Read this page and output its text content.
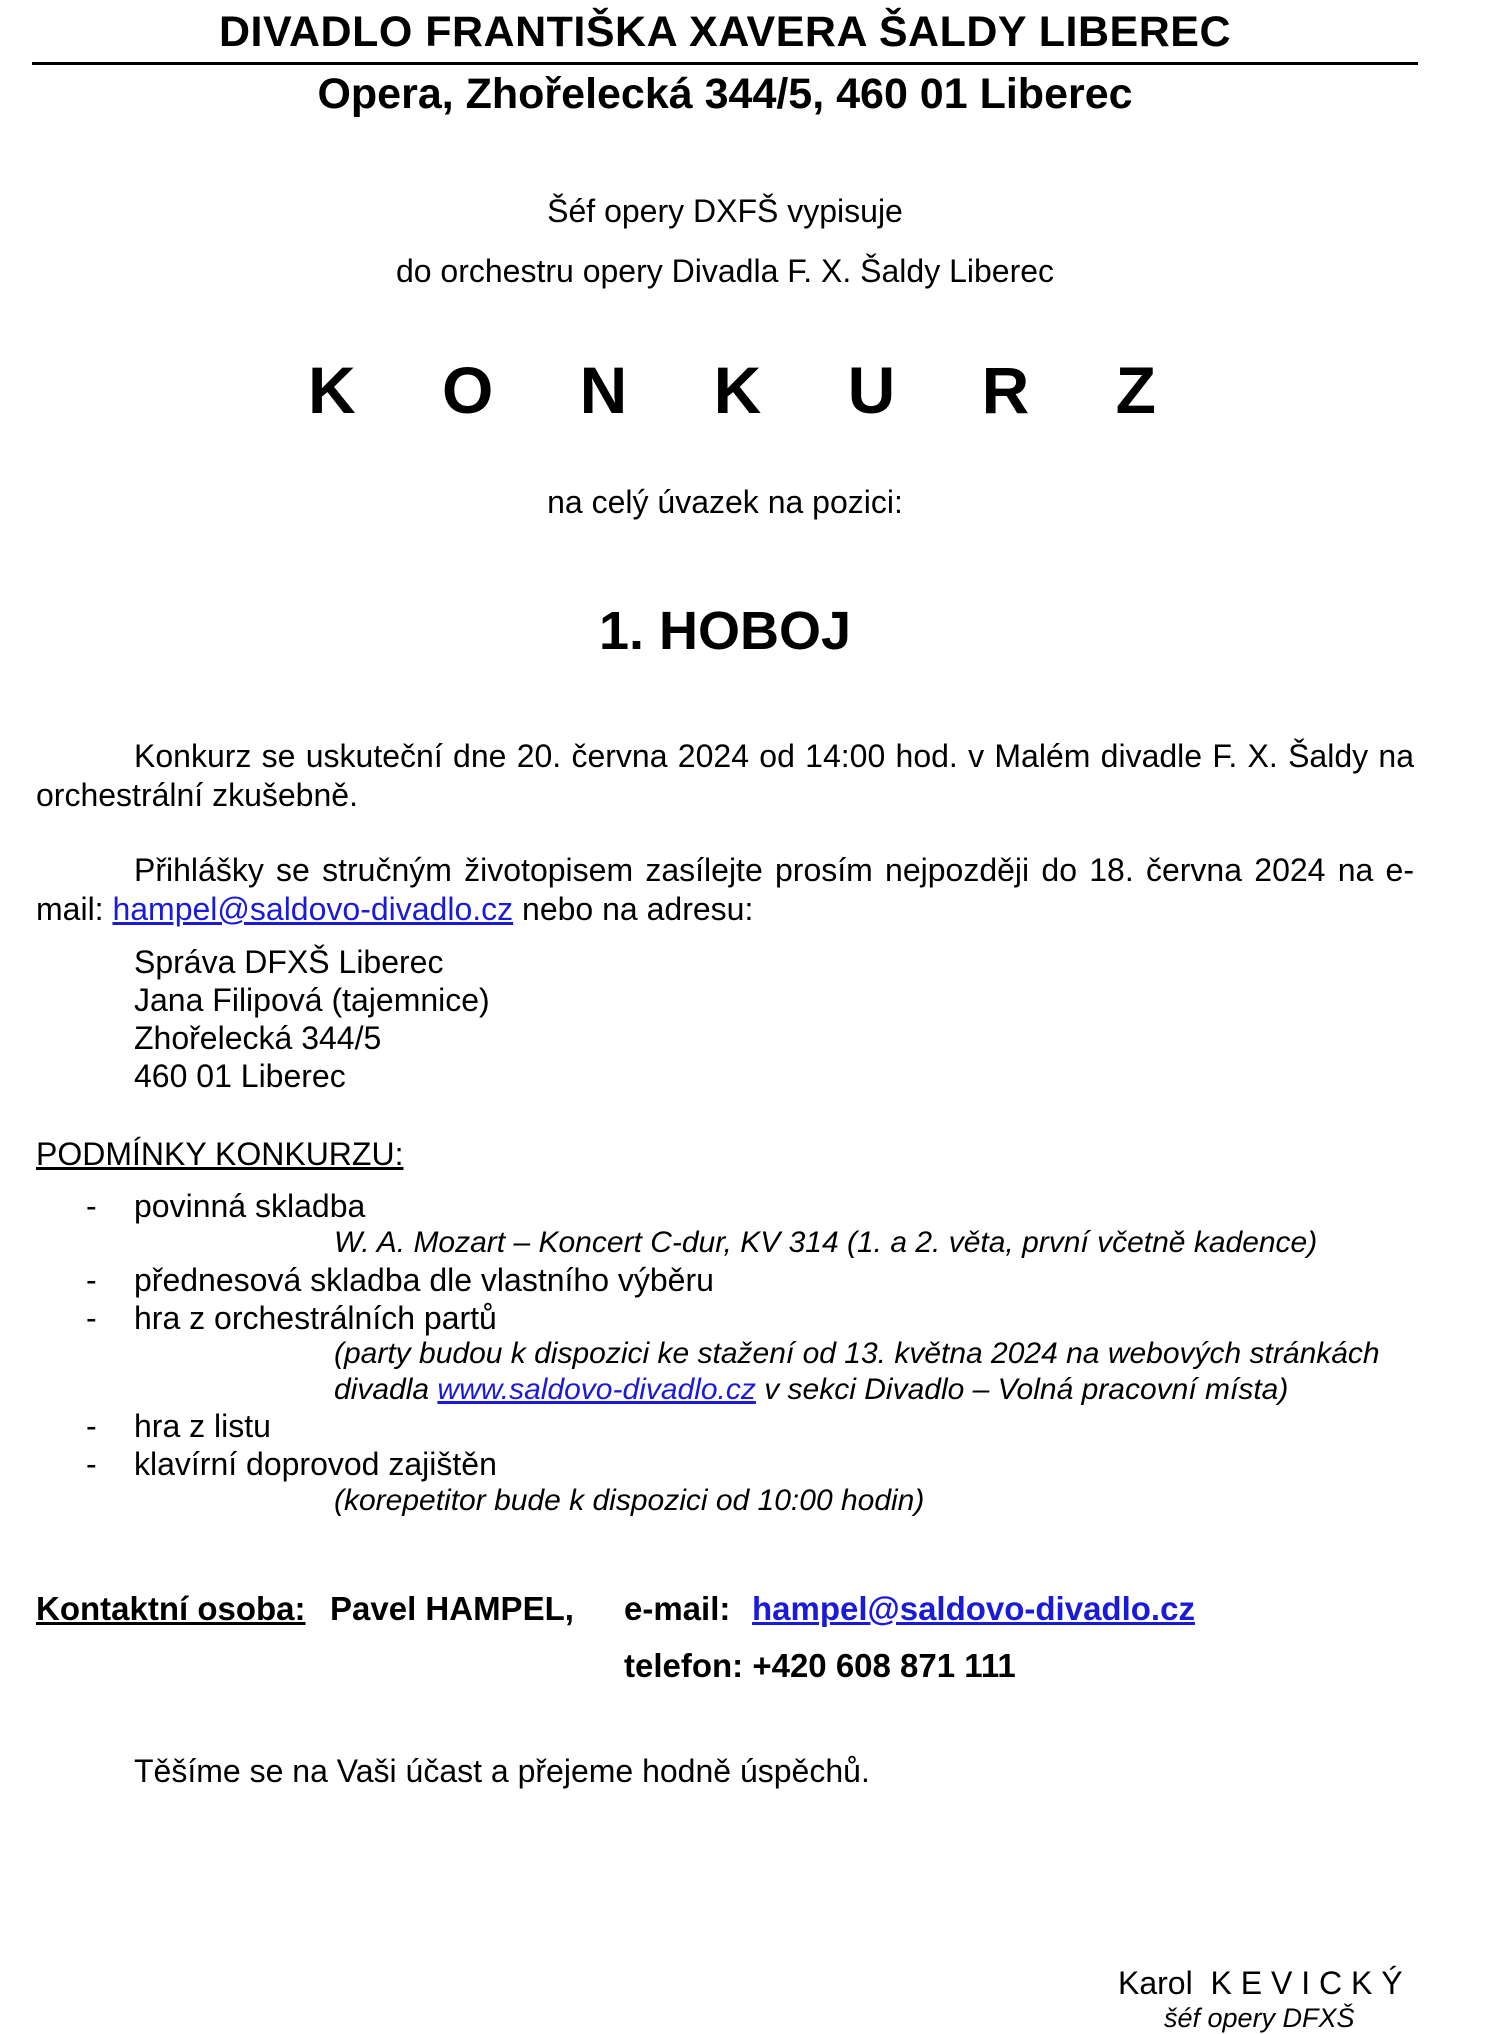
DIVADLO FRANTIŠKA XAVERA ŠALDY LIBEREC
Opera, Zhořelecká 344/5, 460 01 Liberec
Šéf opery DXFŠ vypisuje
do orchestru opery Divadla F. X. Šaldy Liberec
K O N K U R Z
na celý úvazek na pozici:
1. HOBOJ
Konkurz se uskuteční dne 20. června 2024 od 14:00 hod. v Malém divadle F. X. Šaldy na orchestrální zkušebně.
Přihlášky se stručným životopisem zasílejte prosím nejpozději do 18. června 2024 na e-mail: hampel@saldovo-divadlo.cz nebo na adresu:
Správa DFXŠ Liberec
Jana Filipová (tajemnice)
Zhořelecká 344/5
460 01 Liberec
PODMÍNKY KONKURZU:
- povinná skladba
W. A. Mozart – Koncert C-dur, KV 314 (1. a 2. věta, první včetně kadence)
- přednesová skladba dle vlastního výběru
- hra z orchestrálních partů
(party budou k dispozici ke stažení od 13. května 2024 na webových stránkách
divadla www.saldovo-divadlo.cz v sekci Divadlo – Volná pracovní místa)
- hra z listu
- klavírní doprovod zajištěn
(korepetitor bude k dispozici od 10:00 hodin)
Kontaktní osoba: Pavel HAMPEL, e-mail: hampel@saldovo-divadlo.cz
telefon: +420 608 871 111
Těšíme se na Vaši účast a přejeme hodně úspěchů.
Karol K E V I C K Ý
šéf opery DFXŠ
